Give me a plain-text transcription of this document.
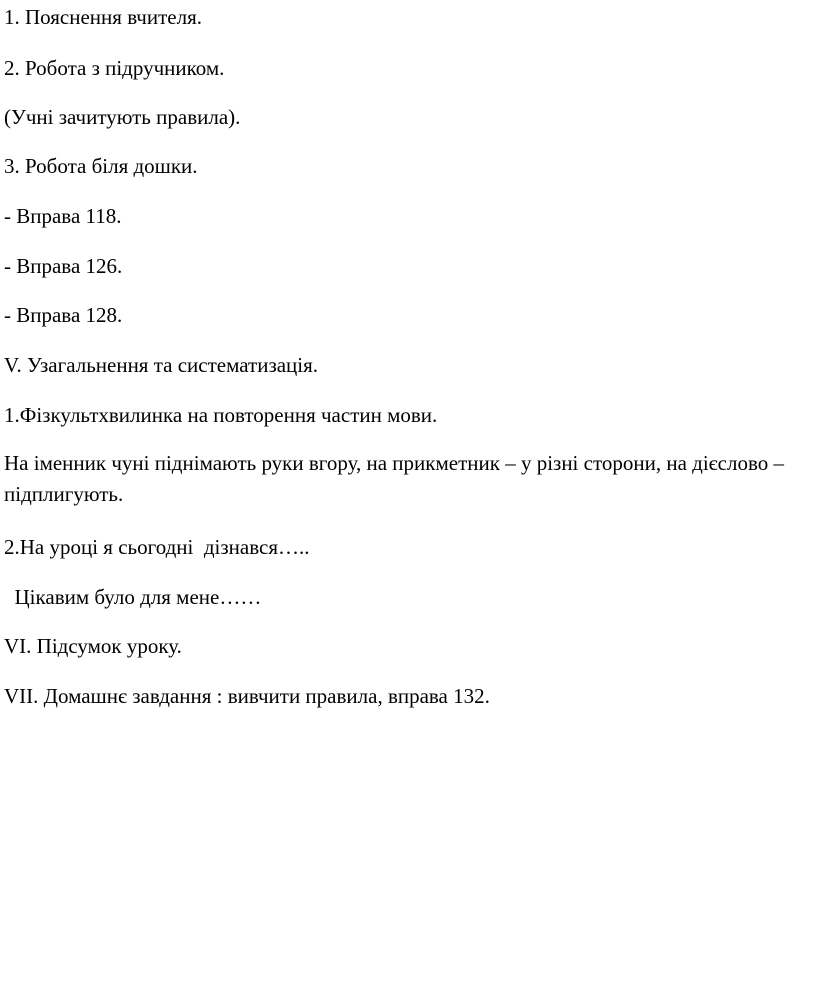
1. Пояснення вчителя.
2. Робота з підручником.
(Учні зачитують правила).
3. Робота біля дошки.
- Вправа 118.
- Вправа 126.
- Вправа 128.
V. Узагальнення та систематизація.
1.Фізкультхвилинка на повторення частин мови.
На іменник чуні піднімають руки вгору, на прикметник – у різні сторони, на дієслово – підплигують.
2.На уроці я сьогодні  дізнався…..
Цікавим було для мене……
VI. Підсумок уроку.
VII. Домашнє завдання : вивчити правила, вправа 132.
